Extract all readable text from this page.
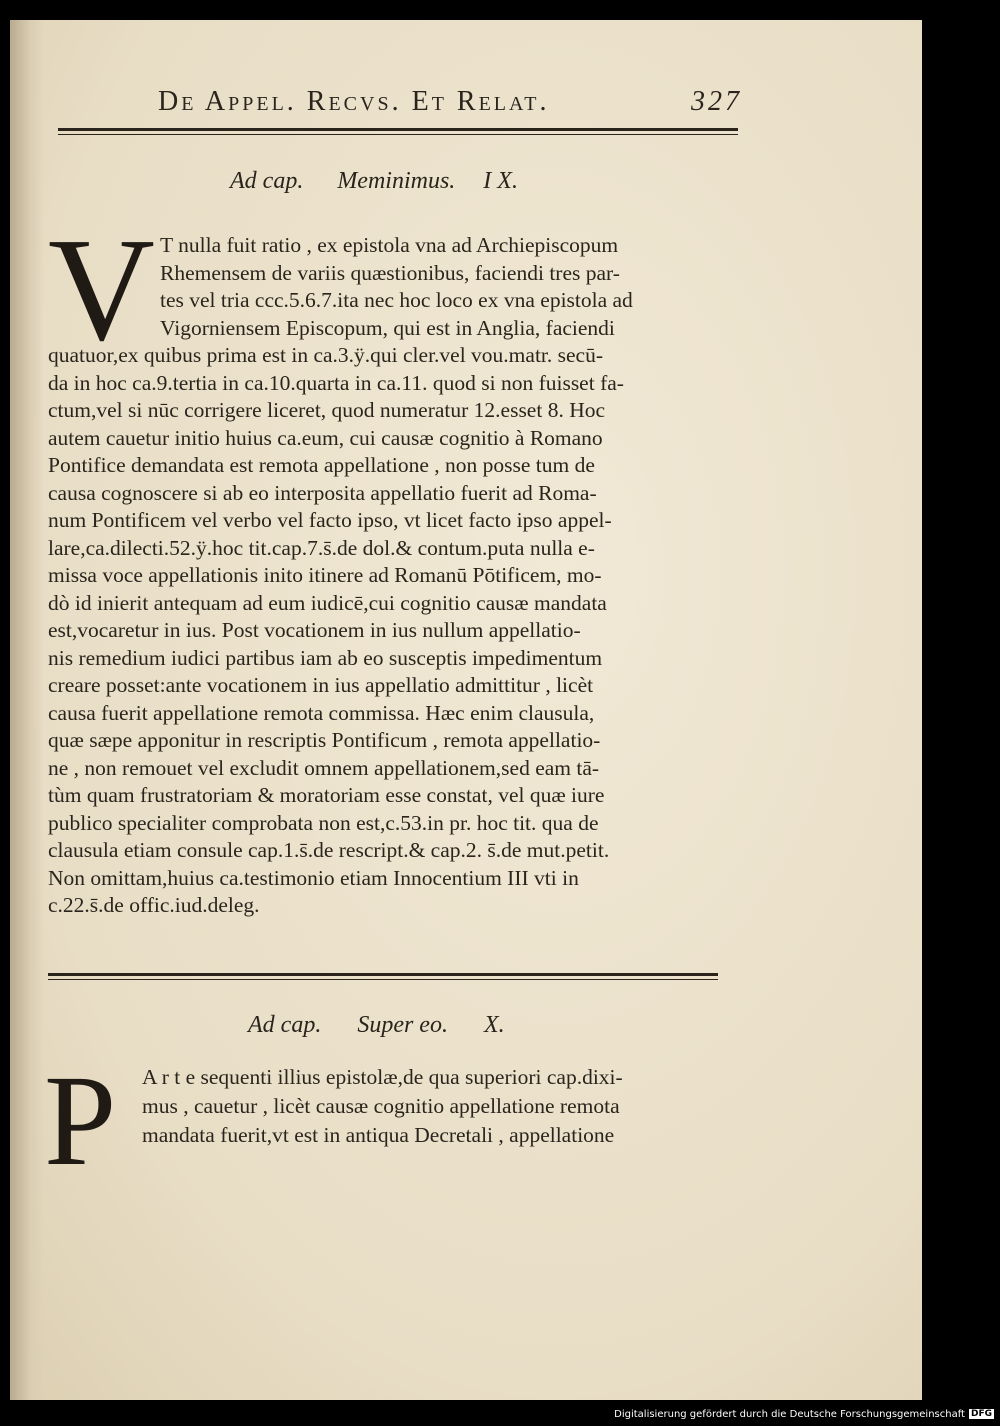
De Appel. Recvs. Et Relat.	327
Ad cap. Meminimus. I X.
V T nulla fuit ratio , ex epistola vna ad Archiepiscopum
Rhemensem de variis quæstionibus, faciendi tres par-
tes vel tria ccc.5.6.7.ita nec hoc loco ex vna epistola ad
Vigorniensem Episcopum, qui est in Anglia, faciendi
quatuor,ex quibus prima est in ca.3.ÿ.qui cler.vel vou.matr. secū-
da in hoc ca.9.tertia in ca.10.quarta in ca.11. quod si non fuisset fa-
ctum,vel si nūc corrigere liceret, quod numeratur 12.esset 8. Hoc
autem cauetur initio huius ca.eum, cui causæ cognitio à Romano
Pontifice demandata est remota appellatione , non posse tum de
causa cognoscere si ab eo interposita appellatio fuerit ad Roma-
num Pontificem vel verbo vel facto ipso, vt licet facto ipso appel-
lare,ca.dilecti.52.ÿ.hoc tit.cap.7.s̄.de dol.& contum.puta nulla e-
missa voce appellationis inito itinere ad Romanū Pōtificem, mo-
dò id inierit antequam ad eum iudicē,cui cognitio causæ mandata
est,vocaretur in ius. Post vocationem in ius nullum appellatio-
nis remedium iudici partibus iam ab eo susceptis impedimentum
creare posset:ante vocationem in ius appellatio admittitur , licèt
causa fuerit appellatione remota commissa. Hæc enim clausula,
quæ sæpe apponitur in rescriptis Pontificum , remota appellatio-
ne , non remouet vel excludit omnem appellationem,sed eam tā-
tùm quam frustratoriam & moratoriam esse constat, vel quæ iure
publico specialiter comprobata non est,c.53.in pr. hoc tit. qua de
clausula etiam consule cap.1.s̄.de rescript.& cap.2. s̄.de mut.petit.
Non omittam,huius ca.testimonio etiam Innocentium III vti in
c.22.s̄.de offic.iud.deleg.
Ad cap. Super eo. X.
P A r t e sequenti illius epistolæ,de qua superiori cap.dixi-
mus , cauetur , licèt causæ cognitio appellatione remota
mandata fuerit,vt est in antiqua Decretali , appellatione
Digitalisierung gefördert durch die Deutsche Forschungsgemeinschaft DFG
